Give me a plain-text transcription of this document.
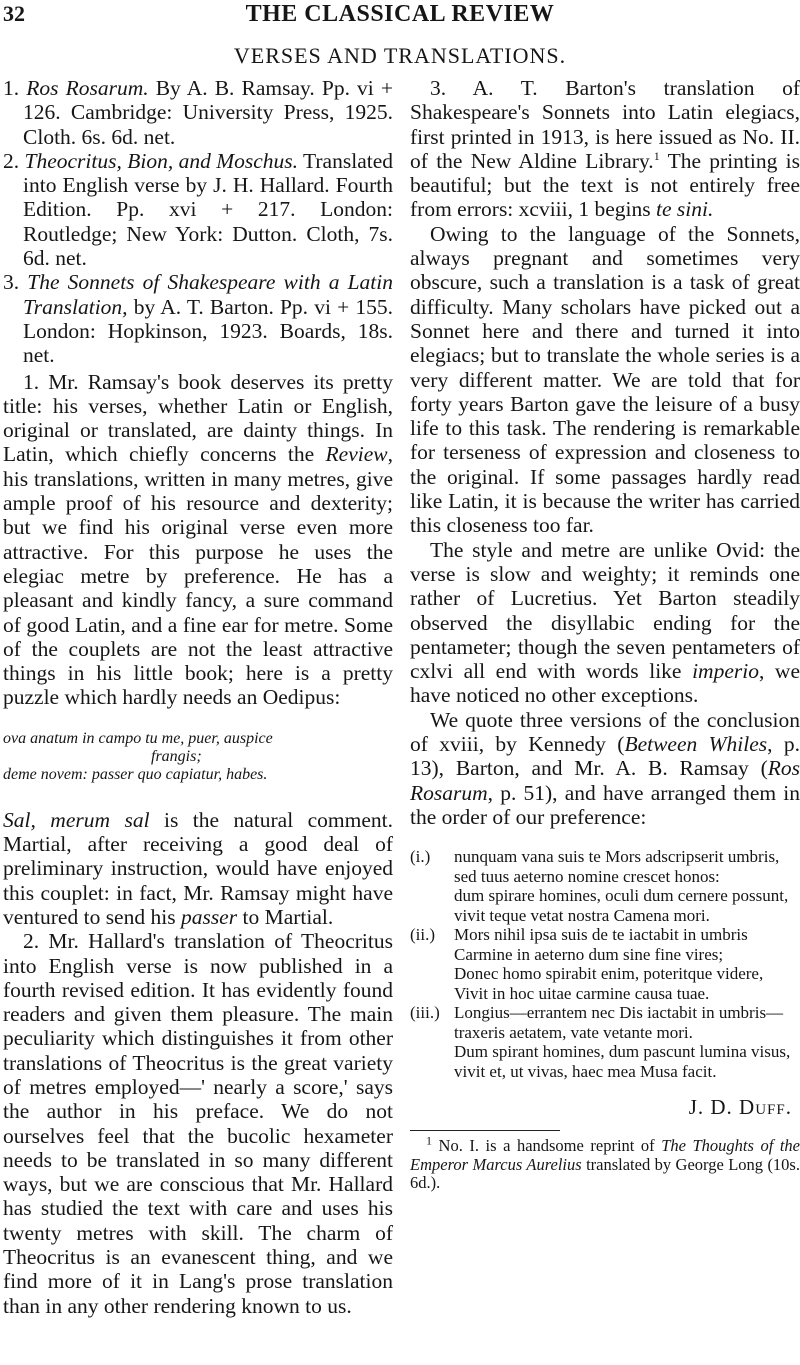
32	THE CLASSICAL REVIEW
VERSES AND TRANSLATIONS.

1. Ros Rosarum. By A. B. Ramsay. Pp. vi + 126. Cambridge: University Press, 1925. Cloth. 6s. 6d. net.

2. Theocritus, Bion, and Moschus. Translated into English verse by J. H. Hallard. Fourth Edition. Pp. xvi + 217. London: Routledge; New York: Dutton. Cloth, 7s. 6d. net.

3. The Sonnets of Shakespeare with a Latin Translation, by A. T. Barton. Pp. vi + 155. London: Hopkinson, 1923. Boards, 18s. net.

1. Mr. Ramsay's book deserves its pretty title: his verses, whether Latin or English, original or translated, are dainty things. In Latin, which chiefly concerns the Review, his translations, written in many metres, give ample proof of his resource and dexterity; but we find his original verse even more attractive. For this purpose he uses the elegiac metre by preference. He has a pleasant and kindly fancy, a sure command of good Latin, and a fine ear for metre. Some of the couplets are not the least attractive things in his little book; here is a pretty puzzle which hardly needs an Oedipus:

ova anatum in campo tu me, puer, auspice
frangis;
deme novem: passer quo capiatur, habes.

Sal, merum sal is the natural comment. Martial, after receiving a good deal of preliminary instruction, would have enjoyed this couplet: in fact, Mr. Ramsay might have ventured to send his passer to Martial.

2. Mr. Hallard's translation of Theocritus into English verse is now published in a fourth revised edition. It has evidently found readers and given them pleasure. The main peculiarity which distinguishes it from other translations of Theocritus is the great variety of metres employed—' nearly a score,' says the author in his preface. We do not ourselves feel that the bucolic hexameter needs to be translated in so many different ways, but we are conscious that Mr. Hallard has studied the text with care and uses his twenty metres with skill. The charm of Theocritus is an evanescent thing, and we find more of it in Lang's prose translation than in any other rendering known to us.

3. A. T. Barton's translation of Shakespeare's Sonnets into Latin elegiacs, first printed in 1913, is here issued as No. II. of the New Aldine Library.$^1$ The printing is beautiful; but the text is not entirely free from errors: xcviii, 1 begins te sini.

Owing to the language of the Sonnets, always pregnant and sometimes very obscure, such a translation is a task of great difficulty. Many scholars have picked out a Sonnet here and there and turned it into elegiacs; but to translate the whole series is a very different matter. We are told that for forty years Barton gave the leisure of a busy life to this task. The rendering is remarkable for terseness of expression and closeness to the original. If some passages hardly read like Latin, it is because the writer has carried this closeness too far.

The style and metre are unlike Ovid: the verse is slow and weighty; it reminds one rather of Lucretius. Yet Barton steadily observed the disyllabic ending for the pentameter; though the seven pentameters of cxlvi all end with words like imperio, we have noticed no other exceptions.

We quote three versions of the conclusion of xviii, by Kennedy (Between Whiles, p. 13), Barton, and Mr. A. B. Ramsay (Ros Rosarum, p. 51), and have arranged them in the order of our preference:

(i.)	nunquam vana suis te Mors adscripserit umbris,
sed tuus aeterno nomine crescet honos:
dum spirare homines, oculi dum cernere possunt,
vivit teque vetat nostra Camena mori.
(ii.)	Mors nihil ipsa suis de te iactabit in umbris
Carmine in aeterno dum sine fine vires;
Donec homo spirabit enim, poteritque videre,
Vivit in hoc uitae carmine causa tuae.
(iii.) Longius—errantem nec Dis iactabit in umbris—
traxeris aetatem, vate vetante mori.
Dum spirant homines, dum pascunt lumina visus,
vivit et, ut vivas, haec mea Musa facit.
J. D. Duff.

$^1$ No. I. is a handsome reprint of The Thoughts of the Emperor Marcus Aurelius translated by George Long (10s. 6d.).
